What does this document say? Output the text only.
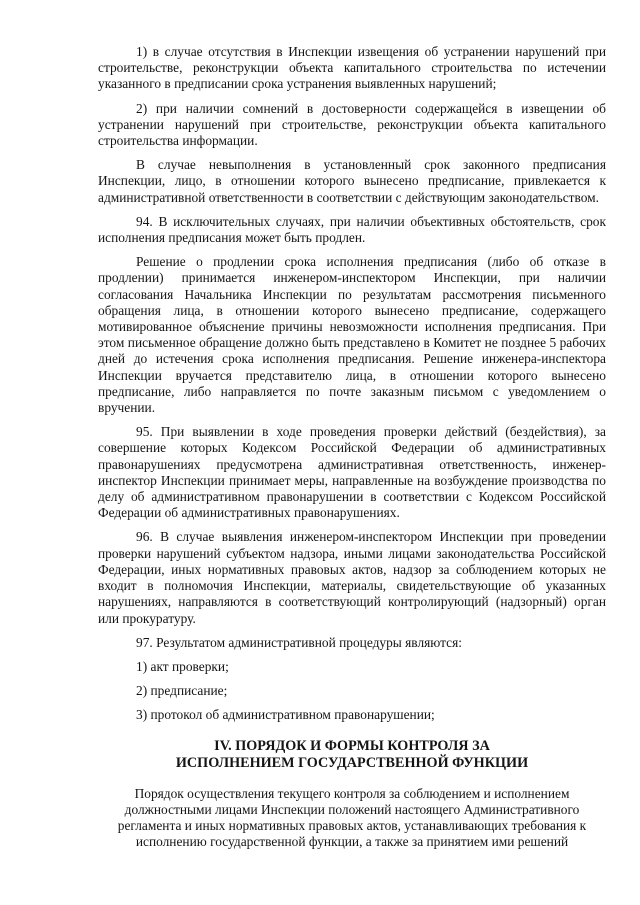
1) в случае отсутствия в Инспекции извещения об устранении нарушений при строительстве, реконструкции объекта капитального строительства по истечении указанного в предписании срока устранения выявленных нарушений;

2) при наличии сомнений в достоверности содержащейся в извещении об устранении нарушений при строительстве, реконструкции объекта капитального строительства информации.

В случае невыполнения в установленный срок законного предписания Инспекции, лицо, в отношении которого вынесено предписание, привлекается к административной ответственности в соответствии с действующим законодательством.

94. В исключительных случаях, при наличии объективных обстоятельств, срок исполнения предписания может быть продлен.

Решение о продлении срока исполнения предписания (либо об отказе в продлении) принимается инженером-инспектором Инспекции, при наличии согласования Начальника Инспекции по результатам рассмотрения письменного обращения лица, в отношении которого вынесено предписание, содержащего мотивированное объяснение причины невозможности исполнения предписания. При этом письменное обращение должно быть представлено в Комитет не позднее 5 рабочих дней до истечения срока исполнения предписания. Решение инженера-инспектора Инспекции вручается представителю лица, в отношении которого вынесено предписание, либо направляется по почте заказным письмом с уведомлением о вручении.

95. При выявлении в ходе проведения проверки действий (бездействия), за совершение которых Кодексом Российской Федерации об административных правонарушениях предусмотрена административная ответственность, инженер-инспектор Инспекции принимает меры, направленные на возбуждение производства по делу об административном правонарушении в соответствии с Кодексом Российской Федерации об административных правонарушениях.

96. В случае выявления инженером-инспектором Инспекции при проведении проверки нарушений субъектом надзора, иными лицами законодательства Российской Федерации, иных нормативных правовых актов, надзор за соблюдением которых не входит в полномочия Инспекции, материалы, свидетельствующие об указанных нарушениях, направляются в соответствующий контролирующий (надзорный) орган или прокуратуру.

97. Результатом административной процедуры являются:

1) акт проверки;

2) предписание;

3) протокол об административном правонарушении;

IV. ПОРЯДОК И ФОРМЫ КОНТРОЛЯ ЗА
ИСПОЛНЕНИЕМ ГОСУДАРСТВЕННОЙ ФУНКЦИИ

Порядок осуществления текущего контроля за соблюдением и исполнением
должностными лицами Инспекции положений настоящего Административного
регламента и иных нормативных правовых актов, устанавливающих требования к
исполнению государственной функции, а также за принятием ими решений
